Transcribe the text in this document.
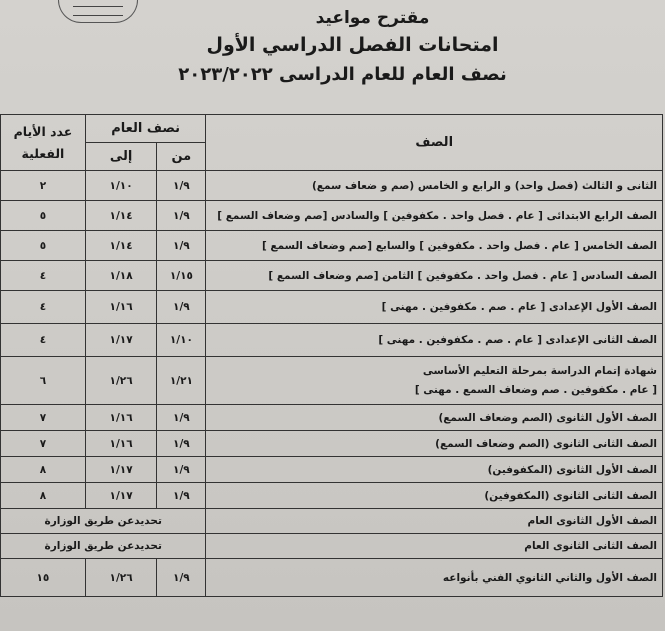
مقترح مواعيد
امتحانات الفصل الدراسي الأول
نصف العام للعام الدراسى ٢٠٢٣/٢٠٢٢
الصف	نصف العام		عدد الأيام الفعلية
	من	إلى	
الثانى و الثالث (فصل واحد) و الرابع و الخامس (صم و ضعاف سمع)	١/٩	١/١٠	٢
الصف الرابع الابتدائى [ عام . فصل واحد . مكفوفين ] والسادس [صم وضعاف السمع ]	١/٩	١/١٤	٥
الصف الخامس [ عام . فصل واحد . مكفوفين ] والسابع [صم وضعاف السمع ]	١/٩	١/١٤	٥
الصف السادس [ عام . فصل واحد . مكفوفين ] الثامن [صم وضعاف السمع ]	١/١٥	١/١٨	٤
الصف الأول الإعدادى [ عام . صم . مكفوفين . مهنى ]	١/٩	١/١٦	٤
الصف الثانى الإعدادى [ عام . صم . مكفوفين . مهنى ]	١/١٠	١/١٧	٤

شهادة إتمام الدراسة بمرحلة التعليم الأساسى
[ عام . مكفوفين . صم وضعاف السمع . مهنى ]	١/٢١	١/٢٦	٦
الصف الأول الثانوى (الصم وضعاف السمع)	١/٩	١/١٦	٧
الصف الثانى الثانوى (الصم وضعاف السمع)	١/٩	١/١٦	٧
الصف الأول الثانوى (المكفوفين)	١/٩	١/١٧	٨
الصف الثانى الثانوى (المكفوفين)	١/٩	١/١٧	٨
الصف الأول الثانوى العام	تحديدعن طريق الوزارة		
الصف الثانى الثانوى العام	تحديدعن طريق الوزارة		
الصف الأول والثاني الثانوي الفني بأنواعه	١/٩	١/٢٦	١٥
